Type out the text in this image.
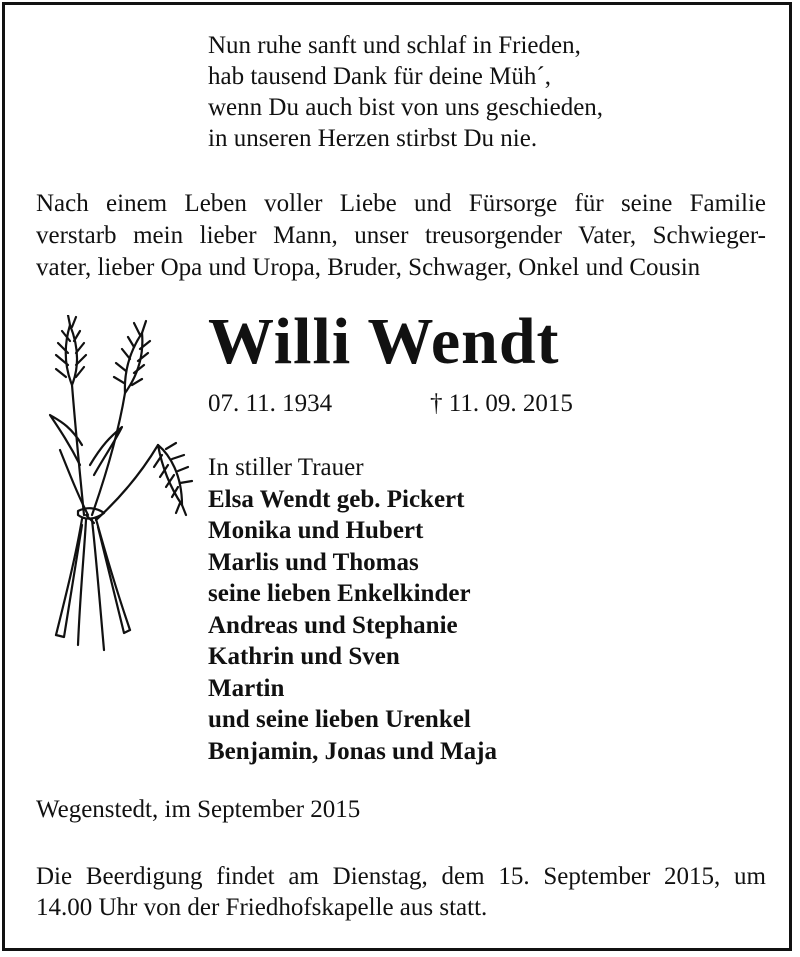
Nun ruhe sanft und schlaf in Frieden,
hab tausend Dank für deine Müh´,
wenn Du auch bist von uns geschieden,
in unseren Herzen stirbst Du nie.
Nach einem Leben voller Liebe und Fürsorge für seine Familie
verstarb mein lieber Mann, unser treusorgender Vater, Schwieger-
vater, lieber Opa und Uropa, Bruder, Schwager, Onkel und Cousin
Willi Wendt
07. 11. 1934	† 11. 09. 2015
In stiller Trauer
Elsa Wendt geb. Pickert
Monika und Hubert
Marlis und Thomas
seine lieben Enkelkinder
Andreas und Stephanie
Kathrin und Sven
Martin
und seine lieben Urenkel
Benjamin, Jonas und Maja
Wegenstedt, im September 2015
Die Beerdigung findet am Dienstag, dem 15. September 2015, um
14.00 Uhr von der Friedhofskapelle aus statt.
